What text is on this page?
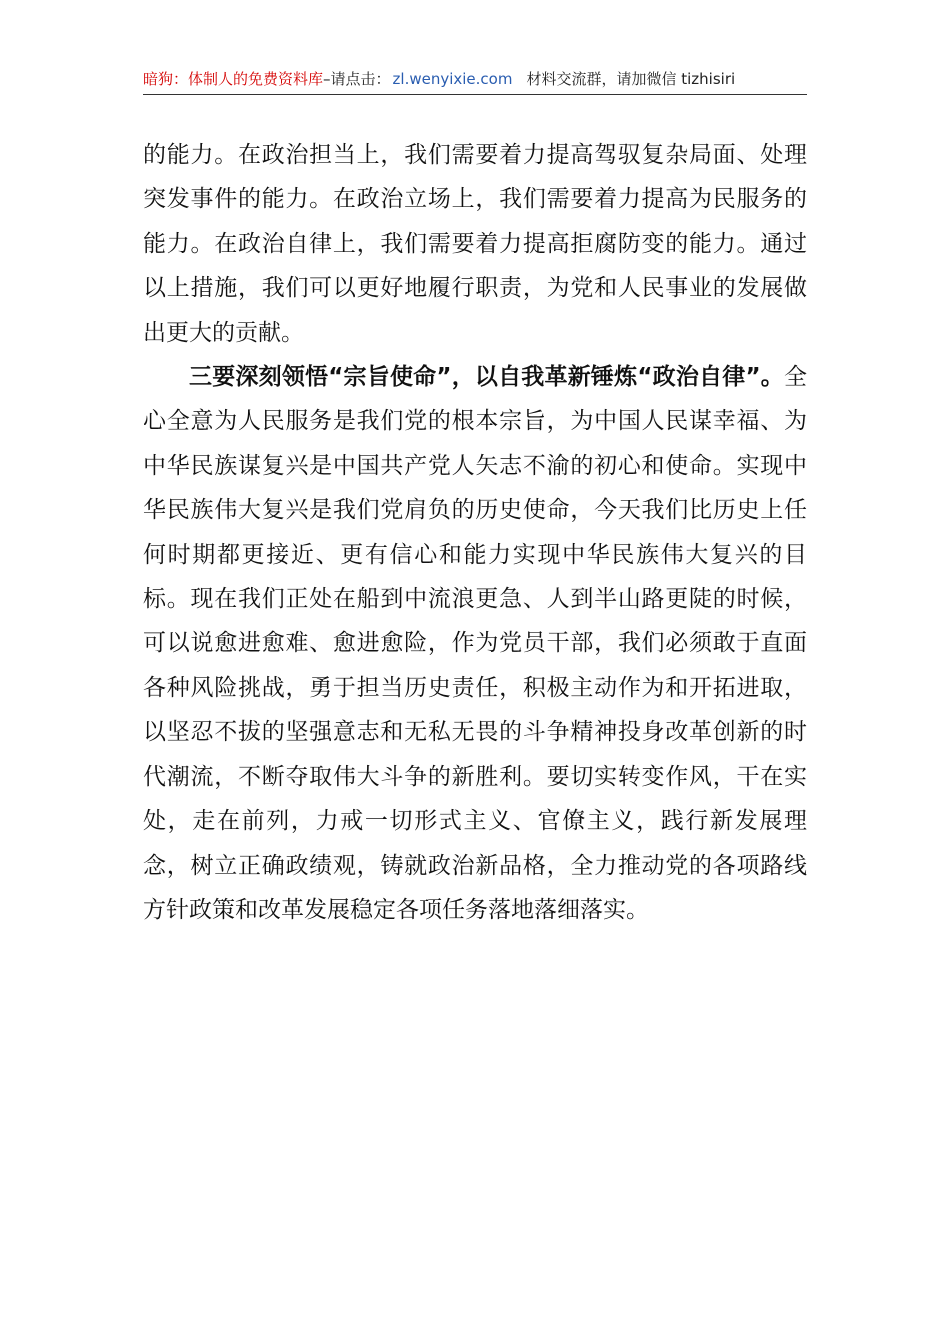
暗狗：体制人的免费资料库–请点击： zl.wenyixie.com 材料交流群，请加微信 tizhisiri

的能力。在政治担当上，我们需要着力提高驾驭复杂局面、处理突发事件的能力。在政治立场上，我们需要着力提高为民服务的能力。在政治自律上，我们需要着力提高拒腐防变的能力。通过以上措施，我们可以更好地履行职责，为党和人民事业的发展做出更大的贡献。

三要深刻领悟“宗旨使命”，以自我革新锤炼“政治自律”。全心全意为人民服务是我们党的根本宗旨，为中国人民谋幸福、为中华民族谋复兴是中国共产党人矢志不渝的初心和使命。实现中华民族伟大复兴是我们党肩负的历史使命，今天我们比历史上任何时期都更接近、更有信心和能力实现中华民族伟大复兴的目标。现在我们正处在船到中流浪更急、人到半山路更陡的时候，可以说愈进愈难、愈进愈险，作为党员干部，我们必须敢于直面各种风险挑战，勇于担当历史责任，积极主动作为和开拓进取，以坚忍不拔的坚强意志和无私无畏的斗争精神投身改革创新的时代潮流，不断夺取伟大斗争的新胜利。要切实转变作风，干在实处，走在前列，力戒一切形式主义、官僚主义，践行新发展理念，树立正确政绩观，铸就政治新品格，全力推动党的各项路线方针政策和改革发展稳定各项任务落地落细落实。
